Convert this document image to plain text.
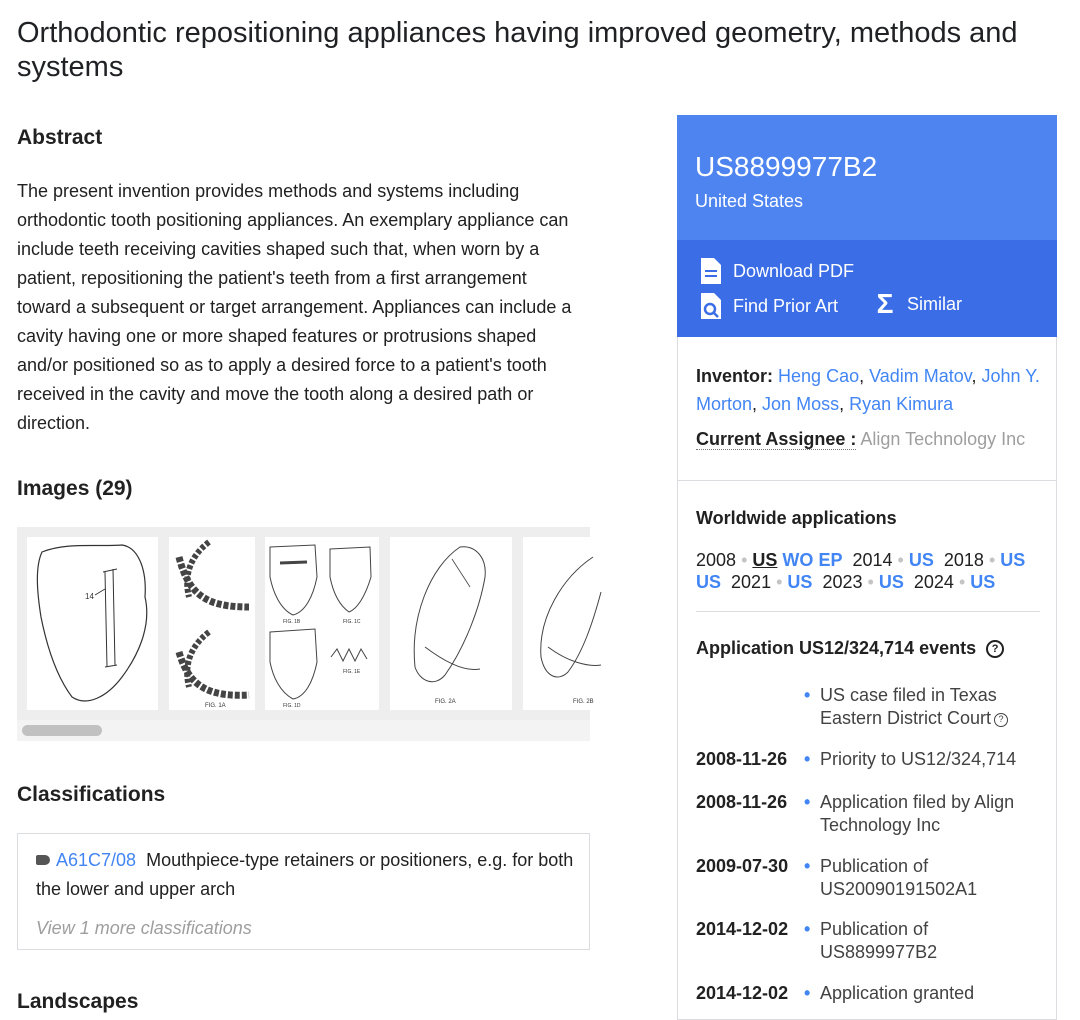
Orthodontic repositioning appliances having improved geometry, methods and systems
Abstract

The present invention provides methods and systems including orthodontic tooth positioning appliances. An exemplary appliance can include teeth receiving cavities shaped such that, when worn by a patient, repositioning the patient's teeth from a first arrangement toward a subsequent or target arrangement. Appliances can include a cavity having one or more shaped features or protrusions shaped and/or positioned so as to apply a desired force to a patient's tooth received in the cavity and move the tooth along a desired path or direction.

Images (29)
14
FIG. 1A
FIG. 1B	FIG. 1C
FIG. 1D
FIG. 1E
FIG. 2A	FIG. 2B
Classifications
A61C7/08 Mouthpiece-type retainers or positioners, e.g. for both the lower and upper arch
View 1 more classifications
Landscapes
US8899977B2
United States
Download PDF
Find Prior Art Σ Similar
Inventor: Heng Cao, Vadim Matov, John Y. Morton, Jon Moss, Ryan Kimura
Current Assignee : Align Technology Inc
Worldwide applications
2008 • US WO EP 2014 • US 2018 • US
US 2021 • US 2023 • US 2024 • US
Application US12/324,714 events	?
• US case filed in Texas Eastern District Court ?
2008-11-26 • Priority to US12/324,714
2008-11-26 • Application filed by Align Technology Inc
2009-07-30 • Publication of US20090191502A1
2014-12-02 • Publication of US8899977B2
2014-12-02 • Application granted
